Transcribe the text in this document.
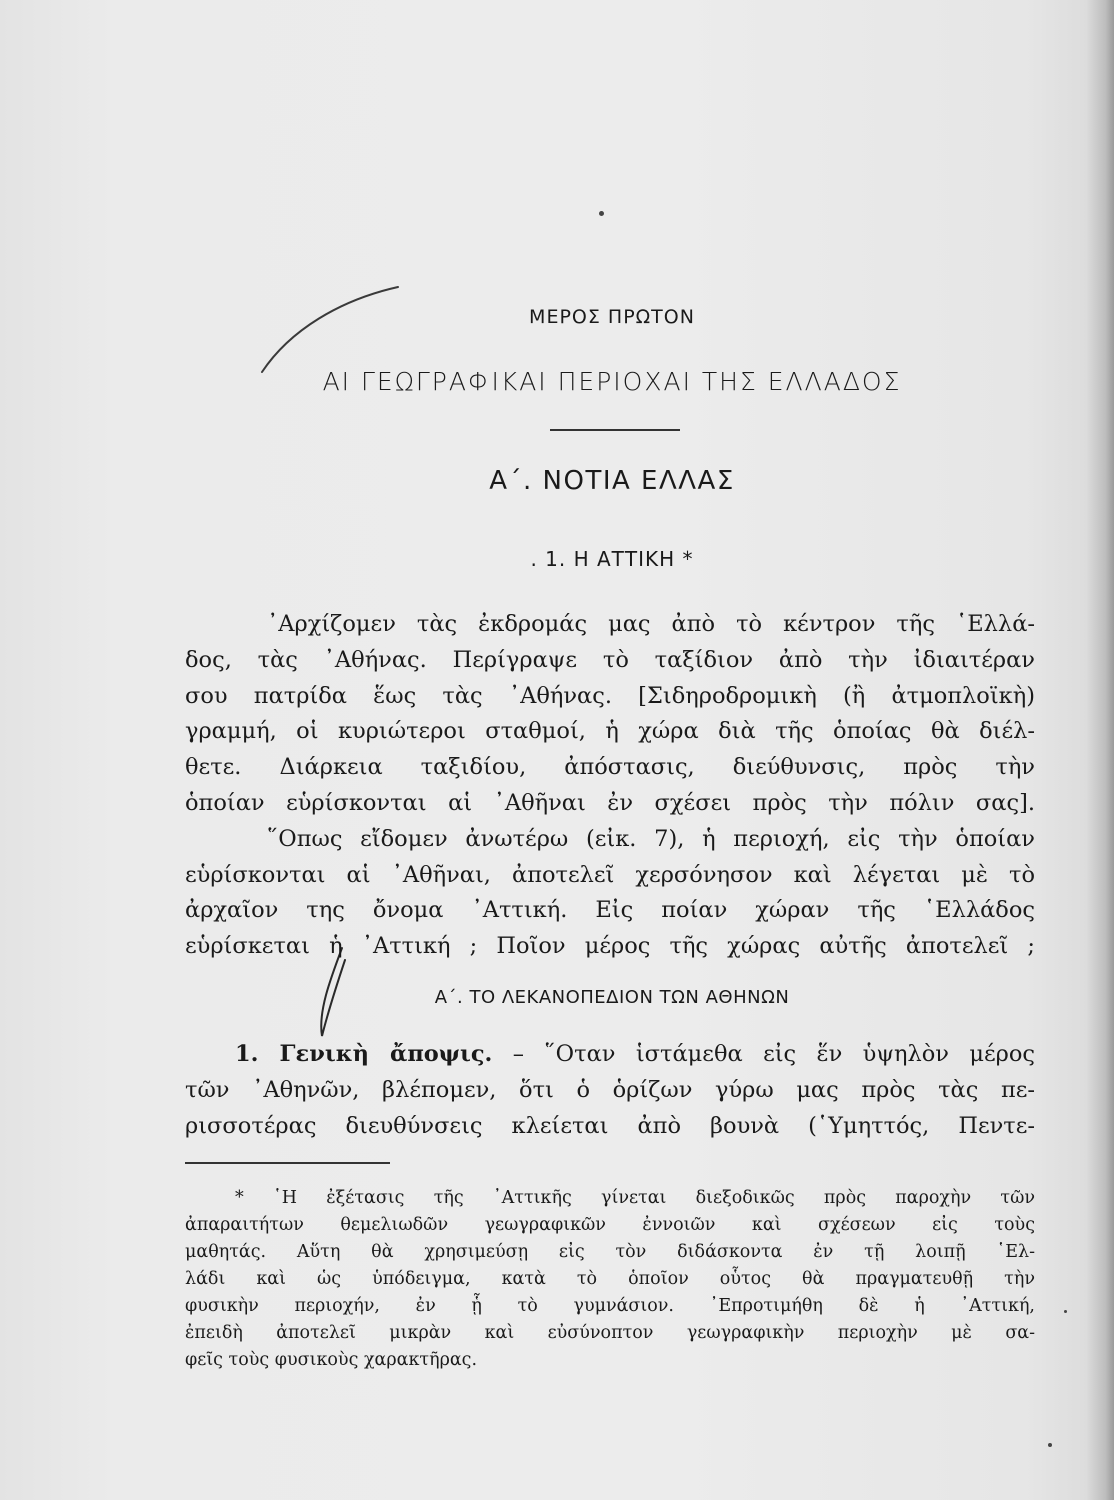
ΜΕΡΟΣ ΠΡΩΤΟΝ
ΑΙ ΓΕΩΓΡΑΦΙΚΑΙ ΠΕΡΙΟΧΑΙ ΤΗΣ ΕΛΛΑΔΟΣ
Α΄. ΝΟΤΙΑ ΕΛΛΑΣ
. 1. Η ΑΤΤΙΚΗ *
᾿Αρχίζομεν τὰς ἐκδρομάς μας ἀπὸ τὸ κέντρον τῆς ῾Ελλά-
δος, τὰς ᾿Αθήνας. Περίγραψε τὸ ταξίδιον ἀπὸ τὴν ἰδιαιτέραν
σου πατρίδα ἕως τὰς ᾿Αθήνας. [Σιδηροδρομικὴ (ἢ ἀτμοπλοϊκὴ)
γραμμή, οἱ κυριώτεροι σταθμοί, ἡ χώρα διὰ τῆς ὁποίας θὰ διέλ-
θετε. Διάρκεια ταξιδίου, ἀπόστασις, διεύθυνσις, πρὸς τὴν
ὁποίαν εὑρίσκονται αἱ ᾿Αθῆναι ἐν σχέσει πρὸς τὴν πόλιν σας].
῞Οπως εἴδομεν ἀνωτέρω (εἰκ. 7), ἡ περιοχή, εἰς τὴν ὁποίαν
εὑρίσκονται αἱ ᾿Αθῆναι, ἀποτελεῖ χερσόνησον καὶ λέγεται μὲ τὸ
ἀρχαῖον της ὄνομα ᾿Αττική. Εἰς ποίαν χώραν τῆς ῾Ελλάδος
εὑρίσκεται ἡ ᾿Αττική ; Ποῖον μέρος τῆς χώρας αὐτῆς ἀποτελεῖ ;
Α΄. ΤΟ ΛΕΚΑΝΟΠΕΔΙΟΝ ΤΩΝ ΑΘΗΝΩΝ
1. Γενικὴ ἄποψις. – ῞Οταν ἱστάμεθα εἰς ἕν ὑψηλὸν μέρος
τῶν ᾿Αθηνῶν, βλέπομεν, ὅτι ὁ ὁρίζων γύρω μας πρὸς τὰς πε-
ρισσοτέρας διευθύνσεις κλείεται ἀπὸ βουνὰ (῾Υμηττός, Πεντε-
* ῾Η ἐξέτασις τῆς ᾿Αττικῆς γίνεται διεξοδικῶς πρὸς παροχὴν τῶν
ἀπαραιτήτων θεμελιωδῶν γεωγραφικῶν ἐννοιῶν καὶ σχέσεων εἰς τοὺς
μαθητάς. Αὕτη θὰ χρησιμεύσῃ εἰς τὸν διδάσκοντα ἐν τῇ λοιπῇ ῾Ελ-
λάδι καὶ ὡς ὑπόδειγμα, κατὰ τὸ ὁποῖον οὗτος θὰ πραγματευθῇ τὴν
φυσικὴν περιοχήν, ἐν ᾗ τὸ γυμνάσιον. ᾿Επροτιμήθη δὲ ἡ ᾿Αττική,
ἐπειδὴ ἀποτελεῖ μικρὰν καὶ εὐσύνοπτον γεωγραφικὴν περιοχὴν μὲ σα-
φεῖς τοὺς φυσικοὺς χαρακτῆρας.
